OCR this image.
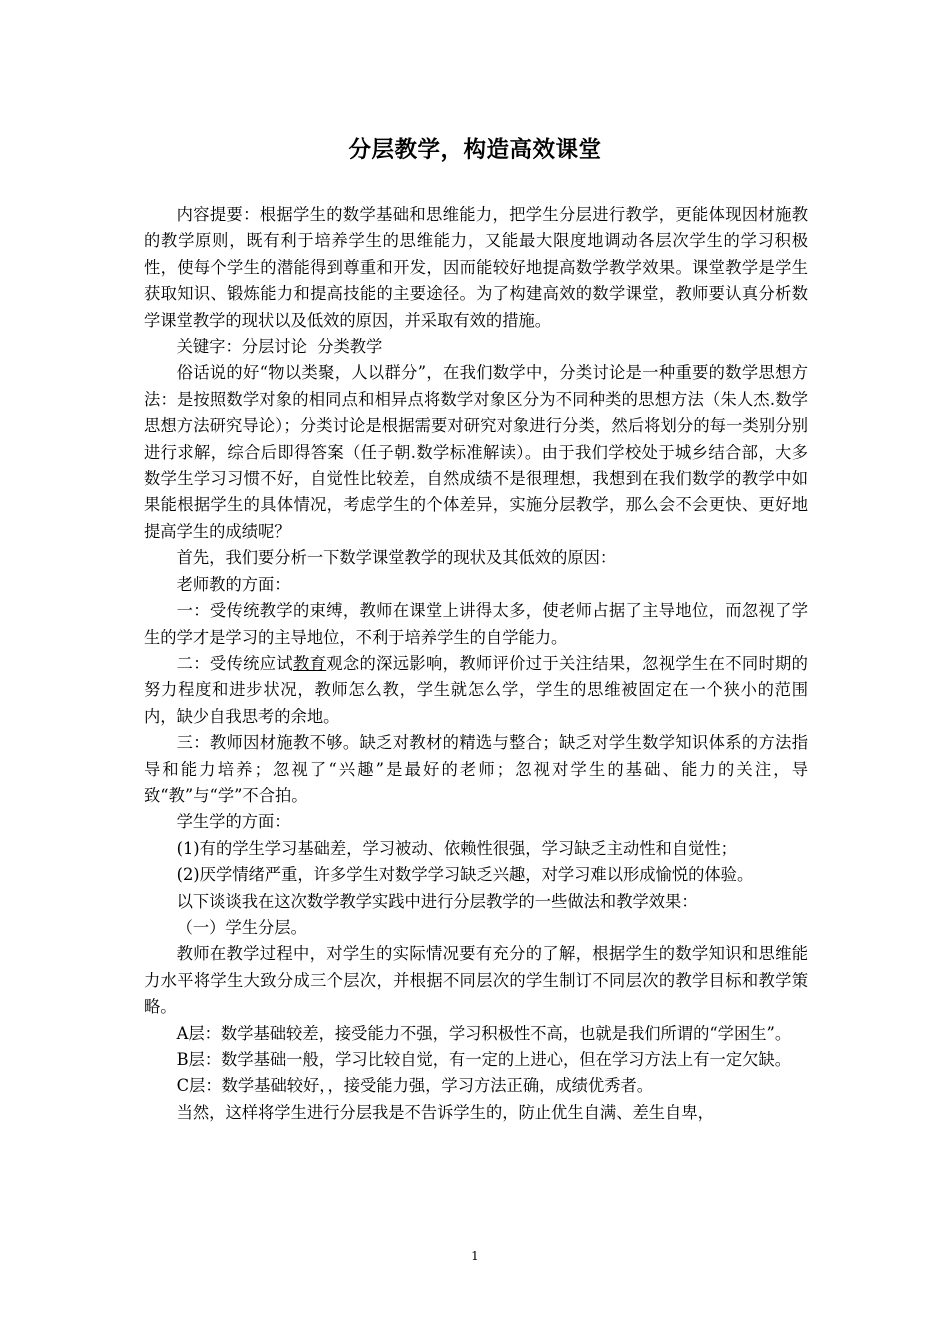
分层教学，构造高效课堂

内容提要：根据学生的数学基础和思维能力，把学生分层进行教学，更能体现因材施教的教学原则，既有利于培养学生的思维能力，又能最大限度地调动各层次学生的学习积极性，使每个学生的潜能得到尊重和开发，因而能较好地提高数学教学效果。课堂教学是学生获取知识、锻炼能力和提高技能的主要途径。为了构建高效的数学课堂，教师要认真分析数学课堂教学的现状以及低效的原因，并采取有效的措施。

关键字：分层讨论  分类教学

俗话说的好“物以类聚，人以群分”，在我们数学中，分类讨论是一种重要的数学思想方法：是按照数学对象的相同点和相异点将数学对象区分为不同种类的思想方法（朱人杰.数学思想方法研究导论）；分类讨论是根据需要对研究对象进行分类，然后将划分的每一类别分别进行求解，综合后即得答案（任子朝.数学标准解读）。由于我们学校处于城乡结合部，大多数学生学习习惯不好，自觉性比较差，自然成绩不是很理想，我想到在我们数学的教学中如果能根据学生的具体情况，考虑学生的个体差异，实施分层教学，那么会不会更快、更好地提高学生的成绩呢？

首先，我们要分析一下数学课堂教学的现状及其低效的原因：

老师教的方面：

一：受传统教学的束缚，教师在课堂上讲得太多，使老师占据了主导地位，而忽视了学生的学才是学习的主导地位，不利于培养学生的自学能力。

二：受传统应试教育观念的深远影响，教师评价过于关注结果，忽视学生在不同时期的努力程度和进步状况，教师怎么教，学生就怎么学，学生的思维被固定在一个狭小的范围内，缺少自我思考的余地。

三：教师因材施教不够。缺乏对教材的精选与整合；缺乏对学生数学知识体系的方法指导和能力培养；忽视了“兴趣”是最好的老师；忽视对学生的基础、能力的关注，导致“教”与“学”不合拍。

学生学的方面：

(1)有的学生学习基础差，学习被动、依赖性很强，学习缺乏主动性和自觉性；

(2)厌学情绪严重，许多学生对数学学习缺乏兴趣，对学习难以形成愉悦的体验。

以下谈谈我在这次数学教学实践中进行分层教学的一些做法和教学效果：

（一）学生分层。

教师在教学过程中，对学生的实际情况要有充分的了解，根据学生的数学知识和思维能力水平将学生大致分成三个层次，并根据不同层次的学生制订不同层次的教学目标和教学策略。

A层：数学基础较差，接受能力不强，学习积极性不高，也就是我们所谓的“学困生”。

B层：数学基础一般，学习比较自觉，有一定的上进心，但在学习方法上有一定欠缺。

C层：数学基础较好，，接受能力强，学习方法正确，成绩优秀者。

当然，这样将学生进行分层我是不告诉学生的，防止优生自满、差生自卑，

1
